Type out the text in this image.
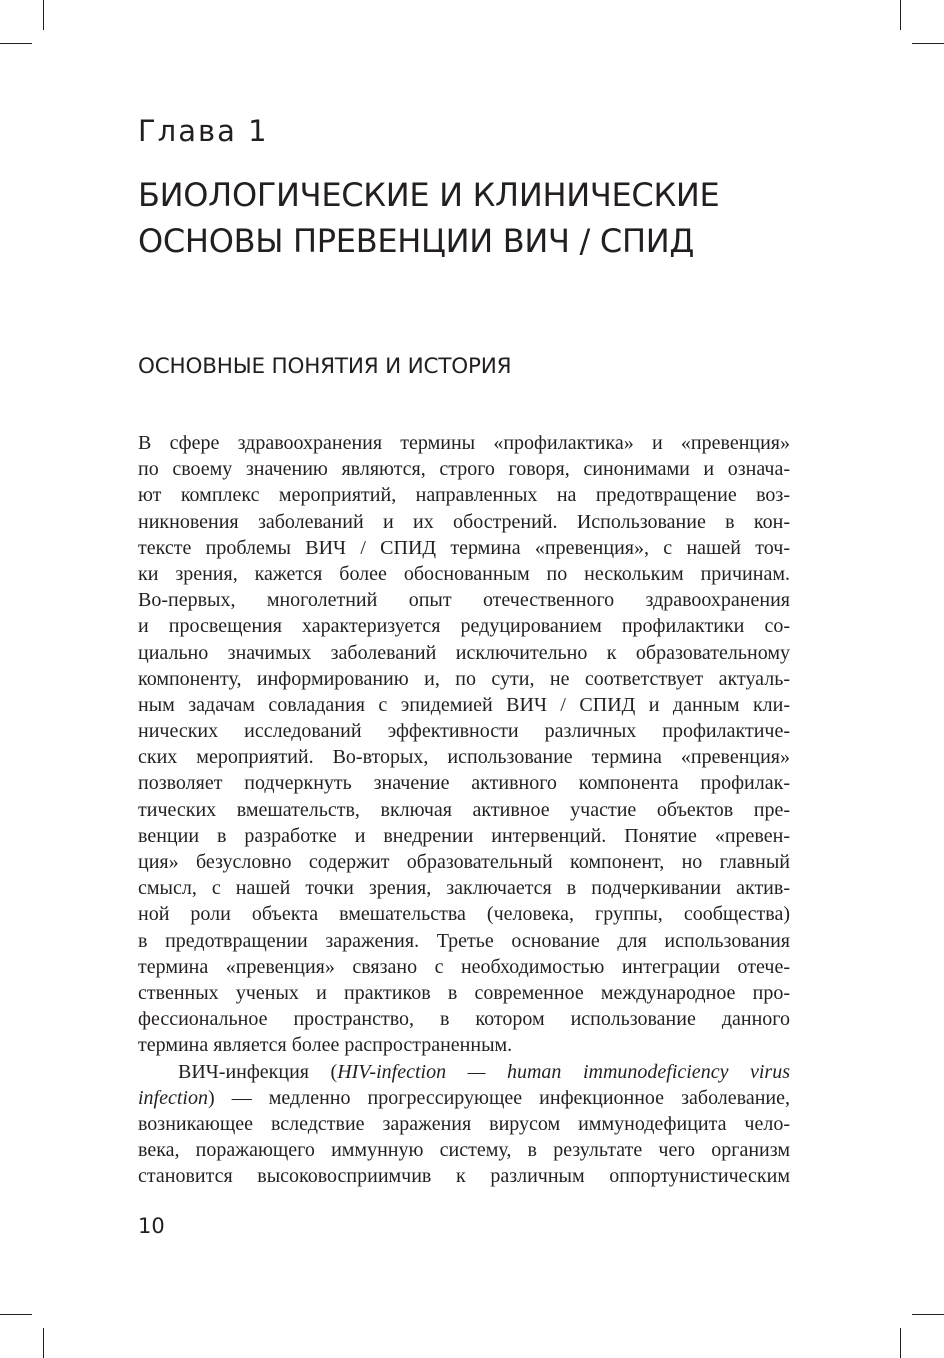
Глава 1
БИОЛОГИЧЕСКИЕ И КЛИНИЧЕСКИЕ
ОСНОВЫ ПРЕВЕНЦИИ ВИЧ / СПИД
ОСНОВНЫЕ ПОНЯТИЯ И ИСТОРИЯ
В сфере здравоохранения термины «профилактика» и «превенция»
по своему значению являются, строго говоря, синонимами и означа-
ют комплекс мероприятий, направленных на предотвращение воз-
никновения заболеваний и их обострений. Использование в кон-
тексте проблемы ВИЧ / СПИД термина «превенция», с нашей точ-
ки зрения, кажется более обоснованным по нескольким причинам.
Во-первых, многолетний опыт отечественного здравоохранения
и просвещения характеризуется редуцированием профилактики со-
циально значимых заболеваний исключительно к образовательному
компоненту, информированию и, по сути, не соответствует актуаль-
ным задачам совладания с эпидемией ВИЧ / СПИД и данным кли-
нических исследований эффективности различных профилактиче-
ских мероприятий. Во-вторых, использование термина «превенция»
позволяет подчеркнуть значение активного компонента профилак-
тических вмешательств, включая активное участие объектов пре-
венции в разработке и внедрении интервенций. Понятие «превен-
ция» безусловно содержит образовательный компонент, но главный
смысл, с нашей точки зрения, заключается в подчеркивании актив-
ной роли объекта вмешательства (человека, группы, сообщества)
в предотвращении заражения. Третье основание для использования
термина «превенция» связано с необходимостью интеграции отече-
ственных ученых и практиков в современное международное про-
фессиональное пространство, в котором использование данного
термина является более распространенным.
ВИЧ-инфекция (HIV-infection — human immunodeficiency virus
infection) — медленно прогрессирующее инфекционное заболевание,
возникающее вследствие заражения вирусом иммунодефицита чело-
века, поражающего иммунную систему, в результате чего организм
становится высоковосприимчив к различным оппортунистическим
10
